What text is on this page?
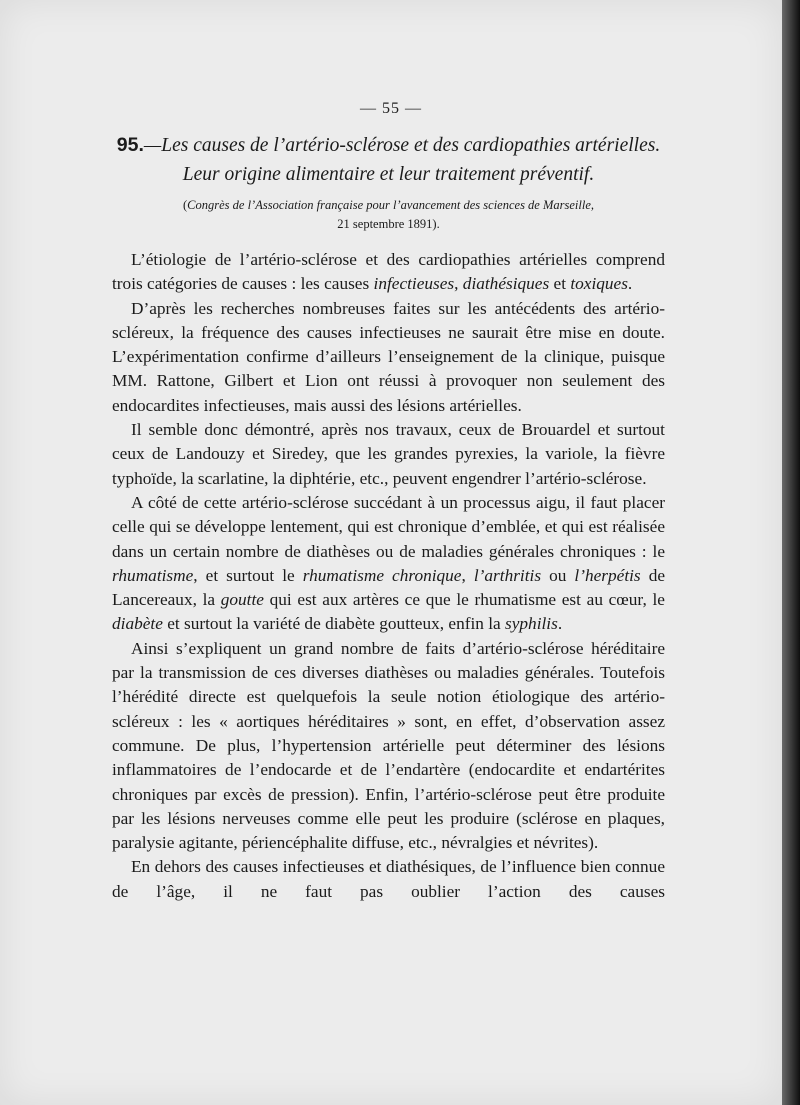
— 55 —
95.—Les causes de l’artério-sclérose et des cardiopathies artérielles.
Leur origine alimentaire et leur traitement préventif.
(Congrès de l’Association française pour l’avancement des sciences de Marseille,
21 septembre 1891).

L’étiologie de l’artério-sclérose et des cardiopathies artérielles comprend trois catégories de causes : les causes infectieuses, diathésiques et toxiques.

D’après les recherches nombreuses faites sur les antécédents des artério-scléreux, la fréquence des causes infectieuses ne saurait être mise en doute. L’expérimentation confirme d’ailleurs l’enseignement de la clinique, puisque MM. Rattone, Gilbert et Lion ont réussi à provoquer non seulement des endocardites infectieuses, mais aussi des lésions artérielles.

Il semble donc démontré, après nos travaux, ceux de Brouardel et surtout ceux de Landouzy et Siredey, que les grandes pyrexies, la variole, la fièvre typhoïde, la scarlatine, la diphtérie, etc., peuvent engendrer l’artério-sclérose.

A côté de cette artério-sclérose succédant à un processus aigu, il faut placer celle qui se développe lentement, qui est chronique d’emblée, et qui est réalisée dans un certain nombre de diathèses ou de maladies générales chroniques : le rhumatisme, et surtout le rhumatisme chronique, l’arthritis ou l’herpétis de Lancereaux, la goutte qui est aux artères ce que le rhumatisme est au cœur, le diabète et surtout la variété de diabète goutteux, enfin la syphilis.

Ainsi s’expliquent un grand nombre de faits d’artério-sclérose héréditaire par la transmission de ces diverses diathèses ou maladies générales. Toutefois l’hérédité directe est quelquefois la seule notion étiologique des artério-scléreux : les « aortiques héréditaires » sont, en effet, d’observation assez commune. De plus, l’hypertension artérielle peut déterminer des lésions inflammatoires de l’endocarde et de l’endartère (endocardite et endartérites chroniques par excès de pression). Enfin, l’artério-sclérose peut être produite par les lésions nerveuses comme elle peut les produire (sclérose en plaques, paralysie agitante, périencéphalite diffuse, etc., névralgies et névrites).

En dehors des causes infectieuses et diathésiques, de l’influence bien connue de l’âge, il ne faut pas oublier l’action des causes
